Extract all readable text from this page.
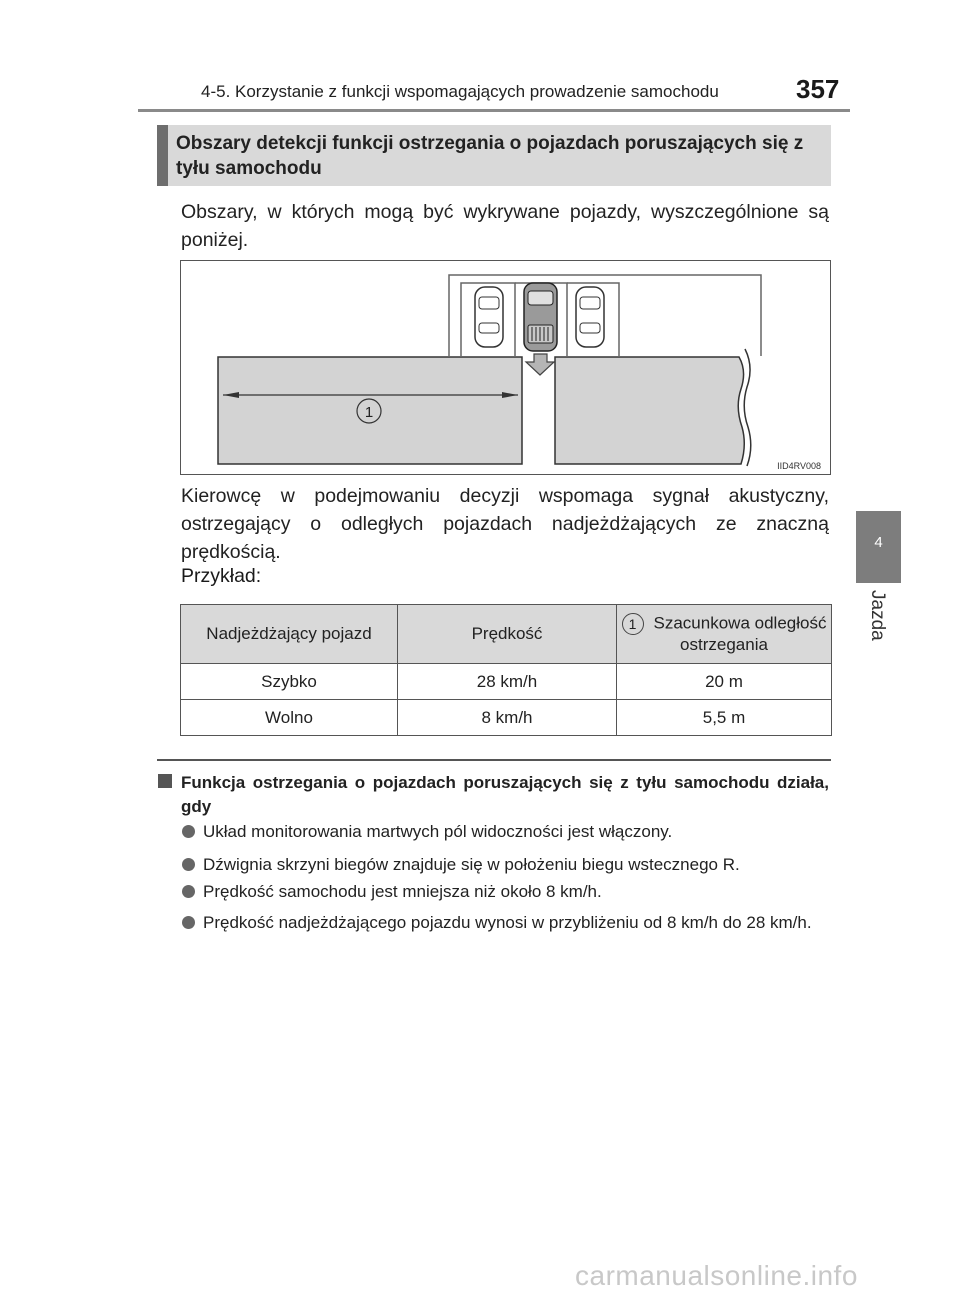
4-5. Korzystanie z funkcji wspomagających prowadzenie samochodu	357
4
Jazda
Obszary detekcji funkcji ostrzegania o pojazdach poruszających się z tyłu samochodu
Obszary, w których mogą być wykrywane pojazdy, wyszczególnione są poniżej.
1
IID4RV008
Kierowcę w podejmowaniu decyzji wspomaga sygnał akustyczny, ostrzegający o odległych pojazdach nadjeżdżających ze znaczną prędkością.
Przykład:
Nadjeżdżający pojazd	Prędkość	1 Szacunkowa odległość ostrzegania
Szybko	28 km/h	20 m
Wolno	8 km/h	5,5 m
Funkcja ostrzegania o pojazdach poruszających się z tyłu samochodu działa, gdy
Układ monitorowania martwych pól widoczności jest włączony.
Dźwignia skrzyni biegów znajduje się w położeniu biegu wstecznego R.
Prędkość samochodu jest mniejsza niż około 8 km/h.
Prędkość nadjeżdżającego pojazdu wynosi w przybliżeniu od 8 km/h do 28 km/h.
carmanualsonline.info
